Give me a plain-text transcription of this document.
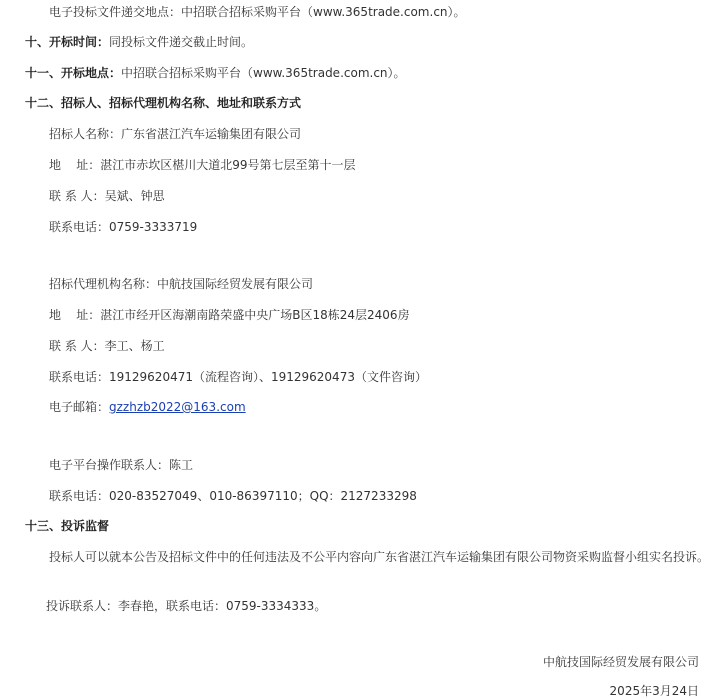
电子投标文件递交地点：中招联合招标采购平台（www.365trade.com.cn）。
十、开标时间：同投标文件递交截止时间。
十一、开标地点：中招联合招标采购平台（www.365trade.com.cn）。
十二、招标人、招标代理机构名称、地址和联系方式
招标人名称：广东省湛江汽车运输集团有限公司
地    址：湛江市赤坎区椹川大道北99号第七层至第十一层
联 系 人：吴斌、钟思
联系电话：0759-3333719
招标代理机构名称：中航技国际经贸发展有限公司
地    址：湛江市经开区海潮南路荣盛中央广场B区18栋24层2406房
联 系 人：李工、杨工
联系电话：19129620471（流程咨询）、19129620473（文件咨询）
电子邮箱：gzzhzb2022@163.com
电子平台操作联系人：陈工
联系电话：020-83527049、010-86397110；QQ：2127233298
十三、投诉监督
投标人可以就本公告及招标文件中的任何违法及不公平内容向广东省湛江汽车运输集团有限公司物资采购监督小组实名投诉。
投诉联系人：李春艳，联系电话：0759-3334333。
中航技国际经贸发展有限公司
2025年3月24日
